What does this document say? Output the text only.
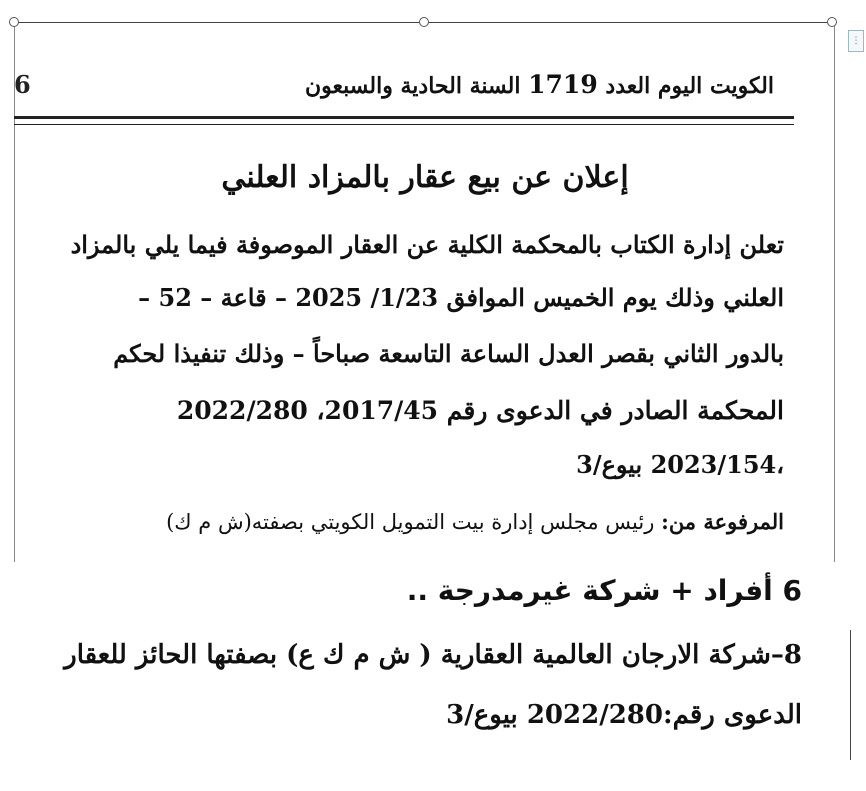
⋮
6	الكويت اليوم العدد 1719 السنة الحادية والسبعون
إعلان عن بيع عقار بالمزاد العلني
تعلن إدارة الكتاب بالمحكمة الكلية عن العقار الموصوفة فيما يلي بالمزاد
العلني وذلك يوم الخميس الموافق 1/23/ 2025 – قاعة – 52 –
بالدور الثاني بقصر العدل الساعة التاسعة صباحاً – وذلك تنفيذا لحكم
المحكمة الصادر في الدعوى رقم 2017/45، 2022/280
،2023/154 بيوع/3
المرفوعة من: رئيس مجلس إدارة بيت التمويل الكويتي بصفته(ش م ك)
6 أفراد + شركة غيرمدرجة ..
8–شركة الارجان العالمية العقارية ( ش م ك ع) بصفتها الحائز للعقار
الدعوى رقم:2022/280 بيوع/3
